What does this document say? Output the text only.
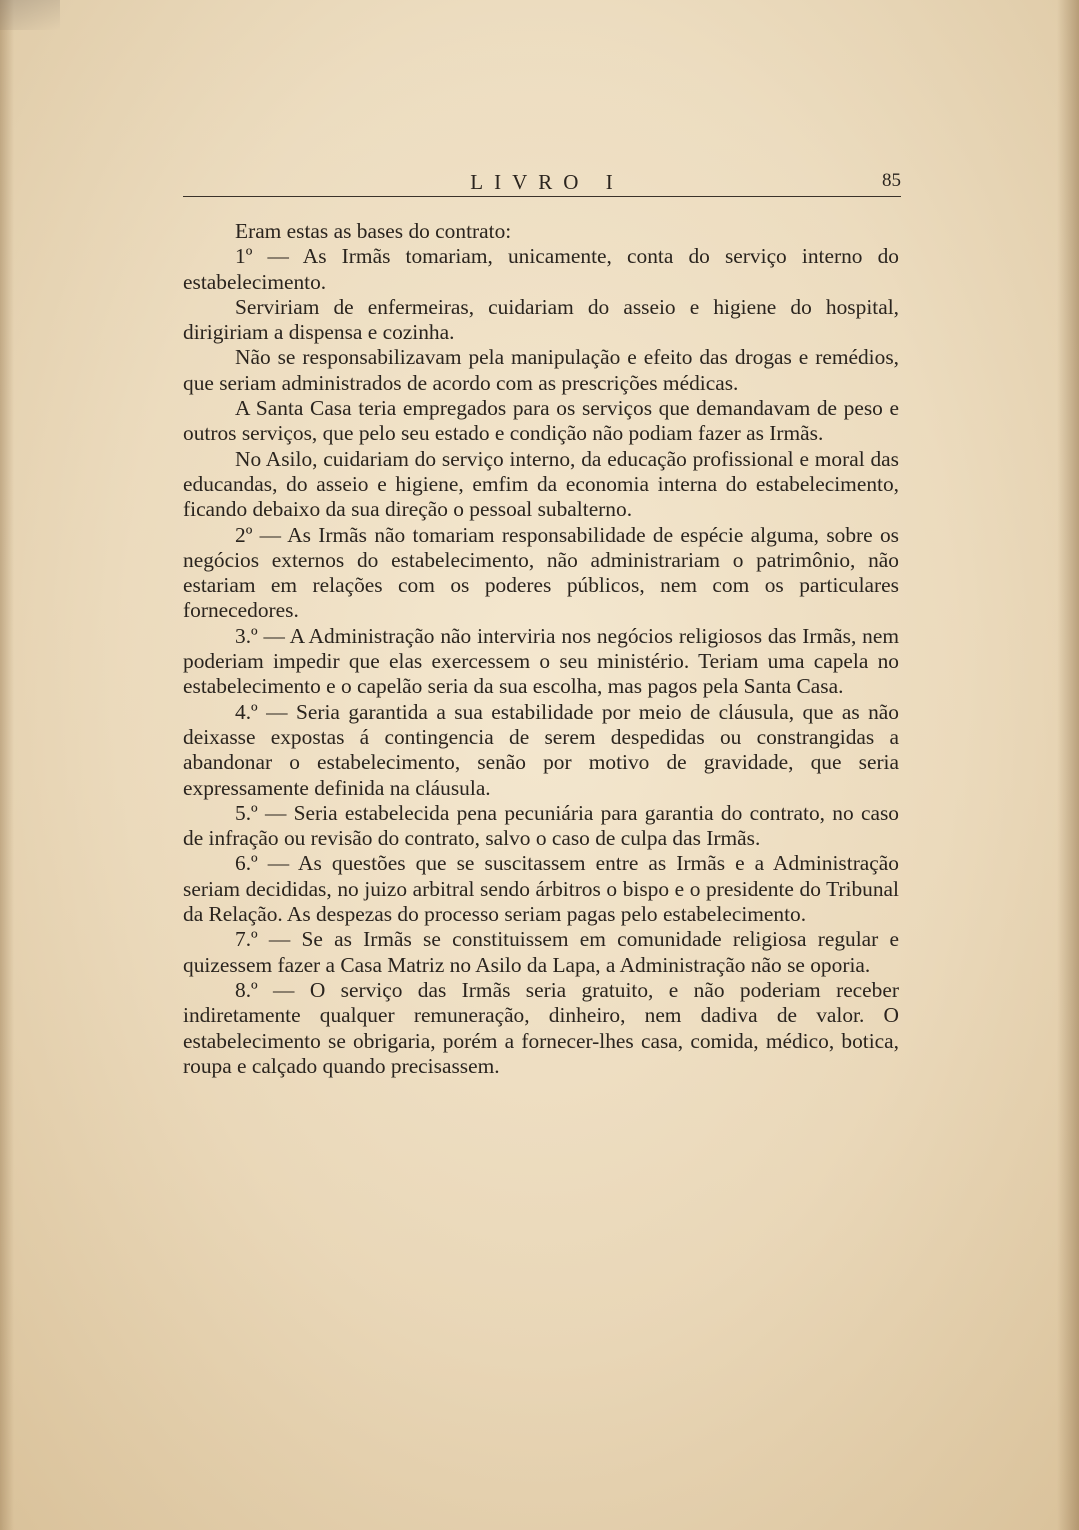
LIVRO I	85

Eram estas as bases do contrato:

1º — As Irmãs tomariam, unicamente, conta do serviço interno do estabelecimento.

Serviriam de enfermeiras, cuidariam do asseio e higiene do hospital, dirigiriam a dispensa e cozinha.

Não se responsabilizavam pela manipulação e efeito das drogas e remédios, que seriam administrados de acordo com as prescrições médicas.

A Santa Casa teria empregados para os serviços que demandavam de peso e outros serviços, que pelo seu estado e condição não podiam fazer as Irmãs.

No Asilo, cuidariam do serviço interno, da educação profissional e moral das educandas, do asseio e higiene, emfim da economia interna do estabelecimento, ficando debaixo da sua direção o pessoal subalterno.

2º — As Irmãs não tomariam responsabilidade de espécie alguma, sobre os negócios externos do estabelecimento, não administrariam o patrimônio, não estariam em relações com os poderes públicos, nem com os particulares fornecedores.

3.º — A Administração não interviria nos negócios religiosos das Irmãs, nem poderiam impedir que elas exercessem o seu ministério. Teriam uma capela no estabelecimento e o capelão seria da sua escolha, mas pagos pela Santa Casa.

4.º — Seria garantida a sua estabilidade por meio de cláusula, que as não deixasse expostas á contingencia de serem despedidas ou constrangidas a abandonar o estabelecimento, senão por motivo de gravidade, que seria expressamente definida na cláusula.

5.º — Seria estabelecida pena pecuniária para garantia do contrato, no caso de infração ou revisão do contrato, salvo o caso de culpa das Irmãs.

6.º — As questões que se suscitassem entre as Irmãs e a Administração seriam decididas, no juizo arbitral sendo árbitros o bispo e o presidente do Tribunal da Relação. As despezas do processo seriam pagas pelo estabelecimento.

7.º — Se as Irmãs se constituissem em comunidade religiosa regular e quizessem fazer a Casa Matriz no Asilo da Lapa, a Administração não se oporia.

8.º — O serviço das Irmãs seria gratuito, e não poderiam receber indiretamente qualquer remuneração, dinheiro, nem dadiva de valor. O estabelecimento se obrigaria, porém a fornecer-lhes casa, comida, médico, botica, roupa e calçado quando precisassem.
